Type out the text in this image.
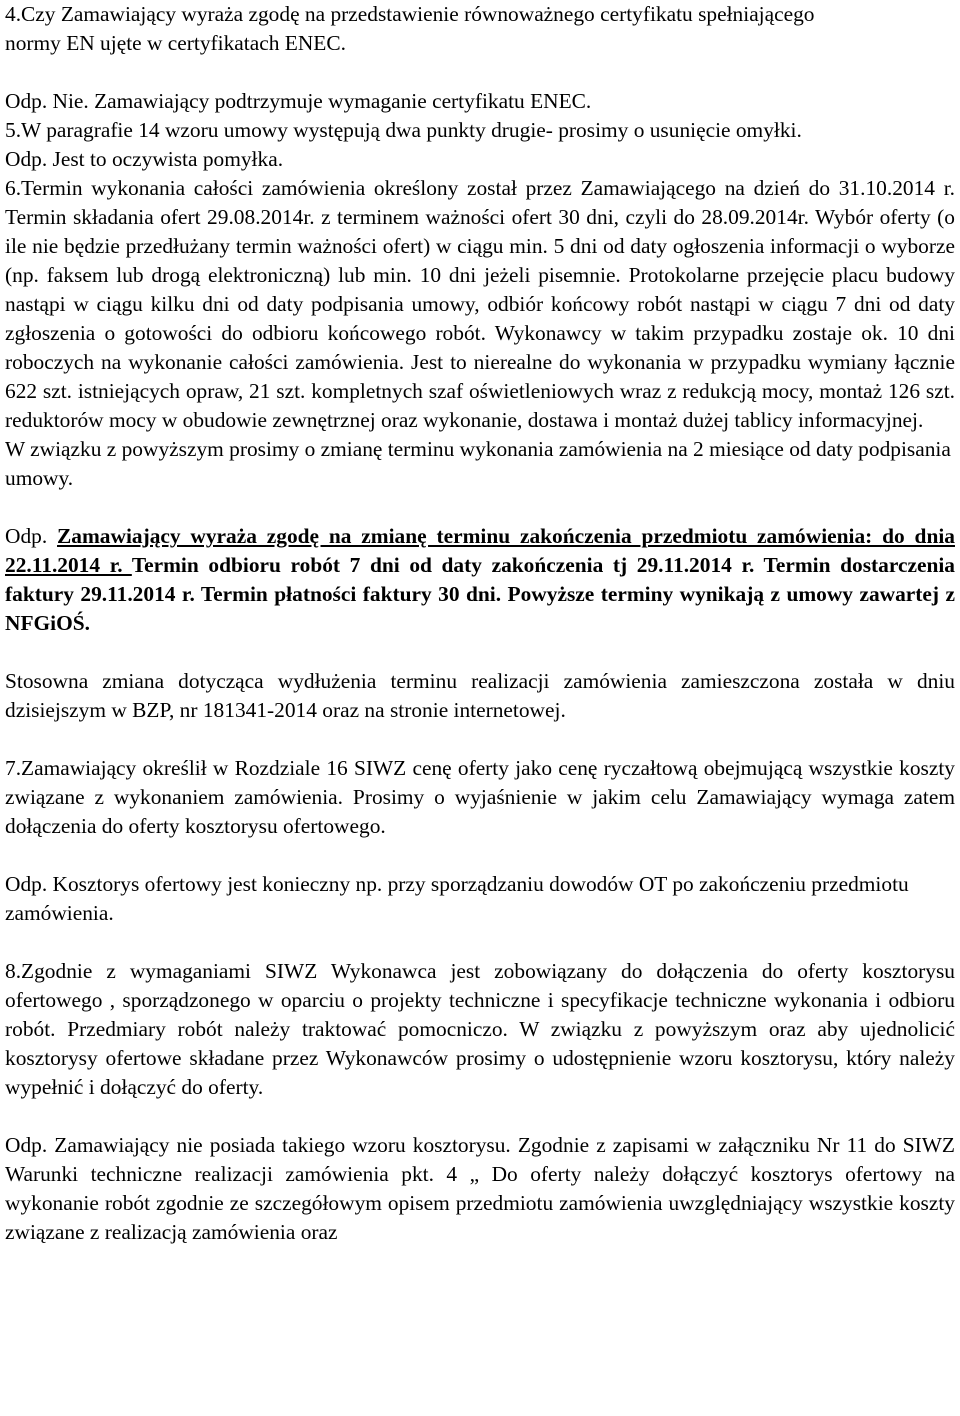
4.Czy Zamawiający wyraża zgodę na przedstawienie równoważnego certyfikatu spełniającego normy EN ujęte w certyfikatach ENEC.

Odp. Nie. Zamawiający podtrzymuje wymaganie certyfikatu ENEC.

5.W paragrafie 14 wzoru umowy występują dwa punkty drugie- prosimy o usunięcie omyłki.

Odp. Jest to oczywista pomyłka.

6.Termin wykonania całości zamówienia określony został przez Zamawiającego na dzień do 31.10.2014 r. Termin składania ofert 29.08.2014r. z terminem ważności ofert 30 dni, czyli do 28.09.2014r. Wybór oferty (o ile nie będzie przedłużany termin ważności ofert) w ciągu min. 5 dni od daty ogłoszenia informacji o wyborze (np. faksem lub drogą elektroniczną) lub min. 10 dni jeżeli pisemnie. Protokolarne przejęcie placu budowy nastąpi w ciągu kilku dni od daty podpisania umowy, odbiór końcowy robót nastąpi w ciągu 7 dni od daty zgłoszenia o gotowości do odbioru końcowego robót. Wykonawcy w takim przypadku zostaje ok. 10 dni roboczych na wykonanie całości zamówienia. Jest to nierealne do wykonania w przypadku wymiany łącznie 622 szt. istniejących opraw, 21 szt. kompletnych szaf oświetleniowych wraz z redukcją mocy, montaż 126 szt. reduktorów mocy w obudowie zewnętrznej oraz wykonanie, dostawa i montaż dużej tablicy informacyjnej.

W związku z powyższym prosimy o zmianę terminu wykonania zamówienia na 2 miesiące od daty podpisania umowy.

Odp. Zamawiający wyraża zgodę na zmianę terminu zakończenia przedmiotu zamówienia: do dnia 22.11.2014 r. Termin odbioru robót 7 dni od daty zakończenia tj 29.11.2014 r. Termin dostarczenia faktury 29.11.2014 r. Termin płatności faktury 30 dni. Powyższe terminy wynikają z umowy zawartej z NFGiOŚ.

Stosowna zmiana dotycząca wydłużenia terminu realizacji zamówienia zamieszczona została w dniu dzisiejszym w BZP, nr 181341-2014 oraz na stronie internetowej.

7.Zamawiający określił w Rozdziale 16 SIWZ cenę oferty jako cenę ryczałtową obejmującą wszystkie koszty związane z wykonaniem zamówienia. Prosimy o wyjaśnienie w jakim celu Zamawiający wymaga zatem dołączenia do oferty kosztorysu ofertowego.

Odp. Kosztorys ofertowy jest konieczny np. przy sporządzaniu dowodów OT po zakończeniu przedmiotu zamówienia.

8.Zgodnie z wymaganiami SIWZ Wykonawca jest zobowiązany do dołączenia do oferty kosztorysu ofertowego , sporządzonego w oparciu o projekty techniczne i specyfikacje techniczne wykonania i odbioru robót. Przedmiary robót należy traktować pomocniczo. W związku z powyższym oraz aby ujednolicić kosztorysy ofertowe składane przez Wykonawców prosimy o udostępnienie wzoru kosztorysu, który należy wypełnić i dołączyć do oferty.

Odp. Zamawiający nie posiada takiego wzoru kosztorysu. Zgodnie z zapisami w załączniku Nr 11 do SIWZ Warunki techniczne realizacji zamówienia pkt. 4 „ Do oferty należy dołączyć kosztorys ofertowy na wykonanie robót zgodnie ze szczegółowym opisem przedmiotu zamówienia uwzględniający wszystkie koszty związane z realizacją zamówienia oraz
